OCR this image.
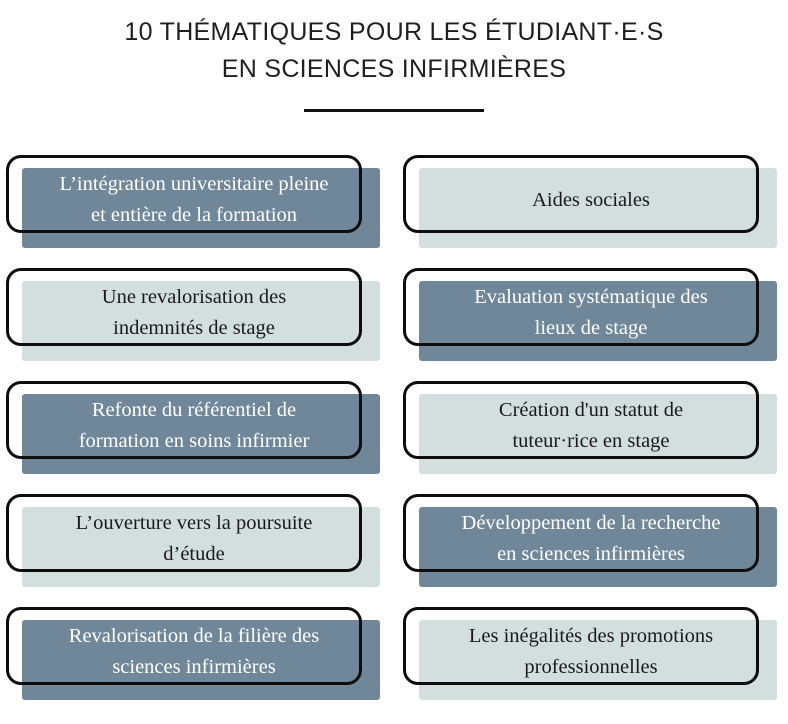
10 THÉMATIQUES POUR LES ÉTUDIANT·E·S
EN SCIENCES INFIRMIÈRES
L’intégration universitaire pleine
et entière de la formation
Aides sociales
Une revalorisation des
indemnités de stage
Evaluation systématique des
lieux de stage
Refonte du référentiel de
formation en soins infirmier
Création d'un statut de
tuteur·rice en stage
L’ouverture vers la poursuite
d’étude
Développement de la recherche
en sciences infirmières
Revalorisation de la filière des
sciences infirmières
Les inégalités des promotions
professionnelles
